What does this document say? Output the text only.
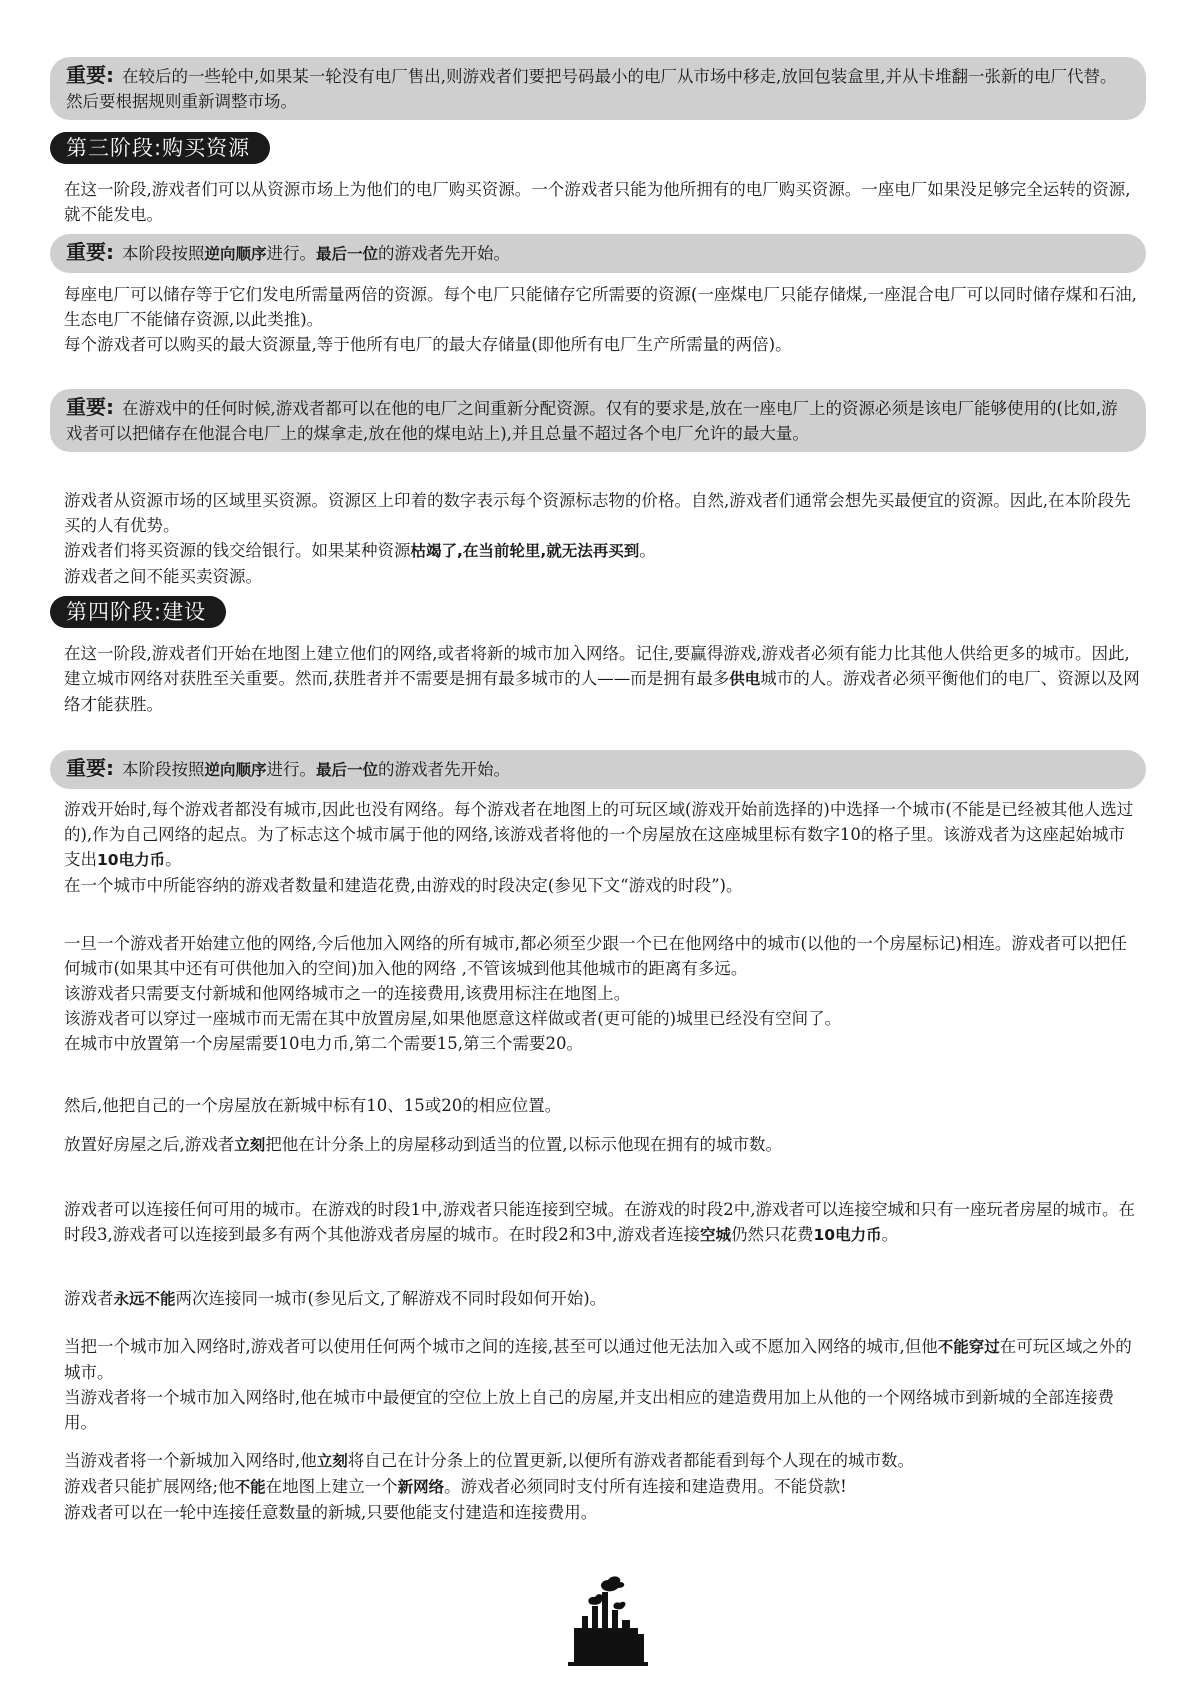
重要: 在较后的一些轮中,如果某一轮没有电厂售出,则游戏者们要把号码最小的电厂从市场中移走,放回包装盒里,并从卡堆翻一张新的电厂代替。然后要根据规则重新调整市场。
第三阶段:购买资源

在这一阶段,游戏者们可以从资源市场上为他们的电厂购买资源。一个游戏者只能为他所拥有的电厂购买资源。一座电厂如果没足够完全运转的资源,就不能发电。

重要: 本阶段按照逆向顺序进行。最后一位的游戏者先开始。

每座电厂可以储存等于它们发电所需量两倍的资源。每个电厂只能储存它所需要的资源(一座煤电厂只能存储煤,一座混合电厂可以同时储存煤和石油,生态电厂不能储存资源,以此类推)。

每个游戏者可以购买的最大资源量,等于他所有电厂的最大存储量(即他所有电厂生产所需量的两倍)。

重要: 在游戏中的任何时候,游戏者都可以在他的电厂之间重新分配资源。仅有的要求是,放在一座电厂上的资源必须是该电厂能够使用的(比如,游戏者可以把储存在他混合电厂上的煤拿走,放在他的煤电站上),并且总量不超过各个电厂允许的最大量。

游戏者从资源市场的区域里买资源。资源区上印着的数字表示每个资源标志物的价格。自然,游戏者们通常会想先买最便宜的资源。因此,在本阶段先买的人有优势。

游戏者们将买资源的钱交给银行。如果某种资源枯竭了,在当前轮里,就无法再买到。

游戏者之间不能买卖资源。

第四阶段:建设

在这一阶段,游戏者们开始在地图上建立他们的网络,或者将新的城市加入网络。记住,要赢得游戏,游戏者必须有能力比其他人供给更多的城市。因此,建立城市网络对获胜至关重要。然而,获胜者并不需要是拥有最多城市的人——而是拥有最多供电城市的人。游戏者必须平衡他们的电厂、资源以及网络才能获胜。

重要: 本阶段按照逆向顺序进行。最后一位的游戏者先开始。

游戏开始时,每个游戏者都没有城市,因此也没有网络。每个游戏者在地图上的可玩区域(游戏开始前选择的)中选择一个城市(不能是已经被其他人选过的),作为自己网络的起点。为了标志这个城市属于他的网络,该游戏者将他的一个房屋放在这座城里标有数字10的格子里。该游戏者为这座起始城市支出10电力币。

在一个城市中所能容纳的游戏者数量和建造花费,由游戏的时段决定(参见下文“游戏的时段”)。

一旦一个游戏者开始建立他的网络,今后他加入网络的所有城市,都必须至少跟一个已在他网络中的城市(以他的一个房屋标记)相连。游戏者可以把任何城市(如果其中还有可供他加入的空间)加入他的网络 ,不管该城到他其他城市的距离有多远。

该游戏者只需要支付新城和他网络城市之一的连接费用,该费用标注在地图上。

该游戏者可以穿过一座城市而无需在其中放置房屋,如果他愿意这样做或者(更可能的)城里已经没有空间了。

在城市中放置第一个房屋需要10电力币,第二个需要15,第三个需要20。

然后,他把自己的一个房屋放在新城中标有10、15或20的相应位置。

放置好房屋之后,游戏者立刻把他在计分条上的房屋移动到适当的位置,以标示他现在拥有的城市数。

游戏者可以连接任何可用的城市。在游戏的时段1中,游戏者只能连接到空城。在游戏的时段2中,游戏者可以连接空城和只有一座玩者房屋的城市。在时段3,游戏者可以连接到最多有两个其他游戏者房屋的城市。在时段2和3中,游戏者连接空城仍然只花费10电力币。

游戏者永远不能两次连接同一城市(参见后文,了解游戏不同时段如何开始)。

当把一个城市加入网络时,游戏者可以使用任何两个城市之间的连接,甚至可以通过他无法加入或不愿加入网络的城市,但他不能穿过在可玩区域之外的城市。

当游戏者将一个城市加入网络时,他在城市中最便宜的空位上放上自己的房屋,并支出相应的建造费用加上从他的一个网络城市到新城的全部连接费用。

当游戏者将一个新城加入网络时,他立刻将自己在计分条上的位置更新,以便所有游戏者都能看到每个人现在的城市数。

游戏者只能扩展网络;他不能在地图上建立一个新网络。游戏者必须同时支付所有连接和建造费用。不能贷款!

游戏者可以在一轮中连接任意数量的新城,只要他能支付建造和连接费用。
